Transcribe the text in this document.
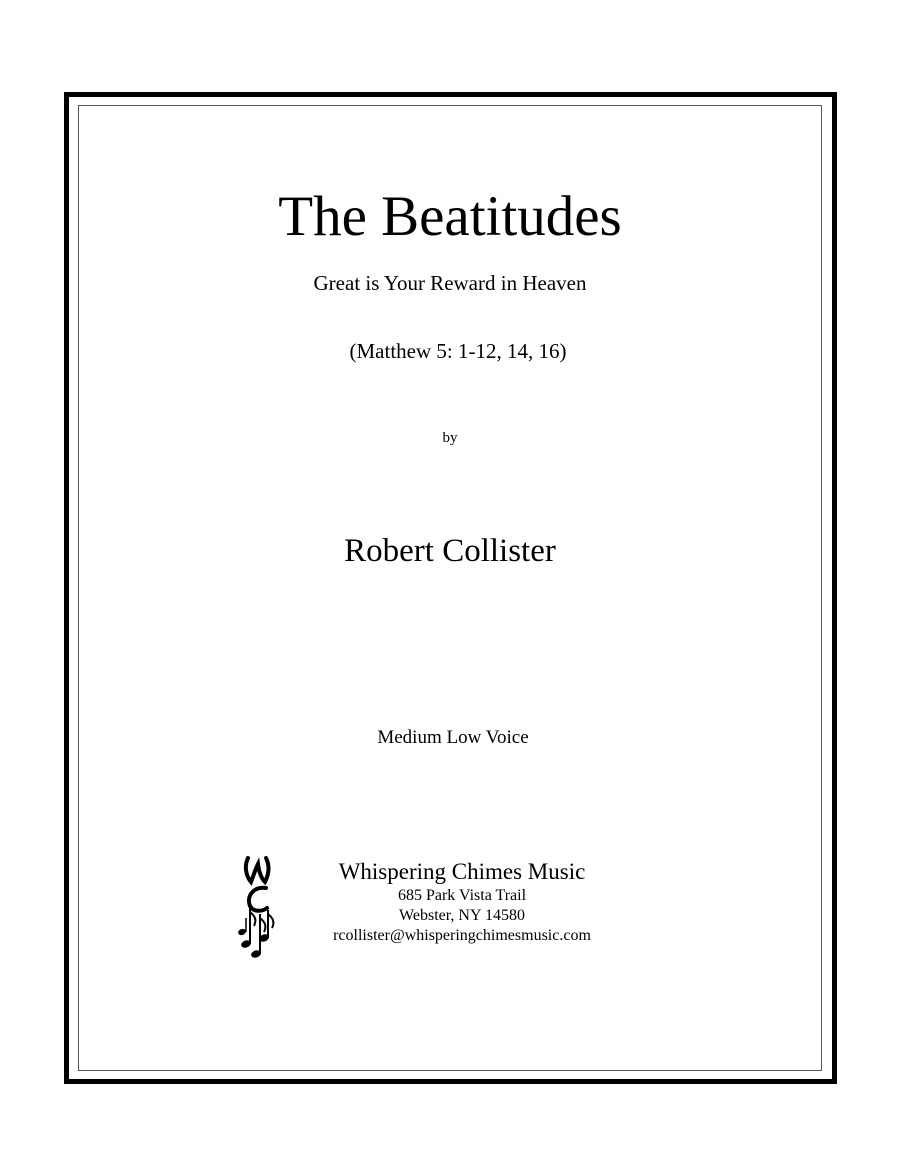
The Beatitudes
Great is Your Reward in Heaven
(Matthew 5: 1-12, 14, 16)
by
Robert Collister
Medium Low Voice
Whispering Chimes Music
685 Park Vista Trail
Webster, NY 14580
rcollister@whisperingchimesmusic.com
